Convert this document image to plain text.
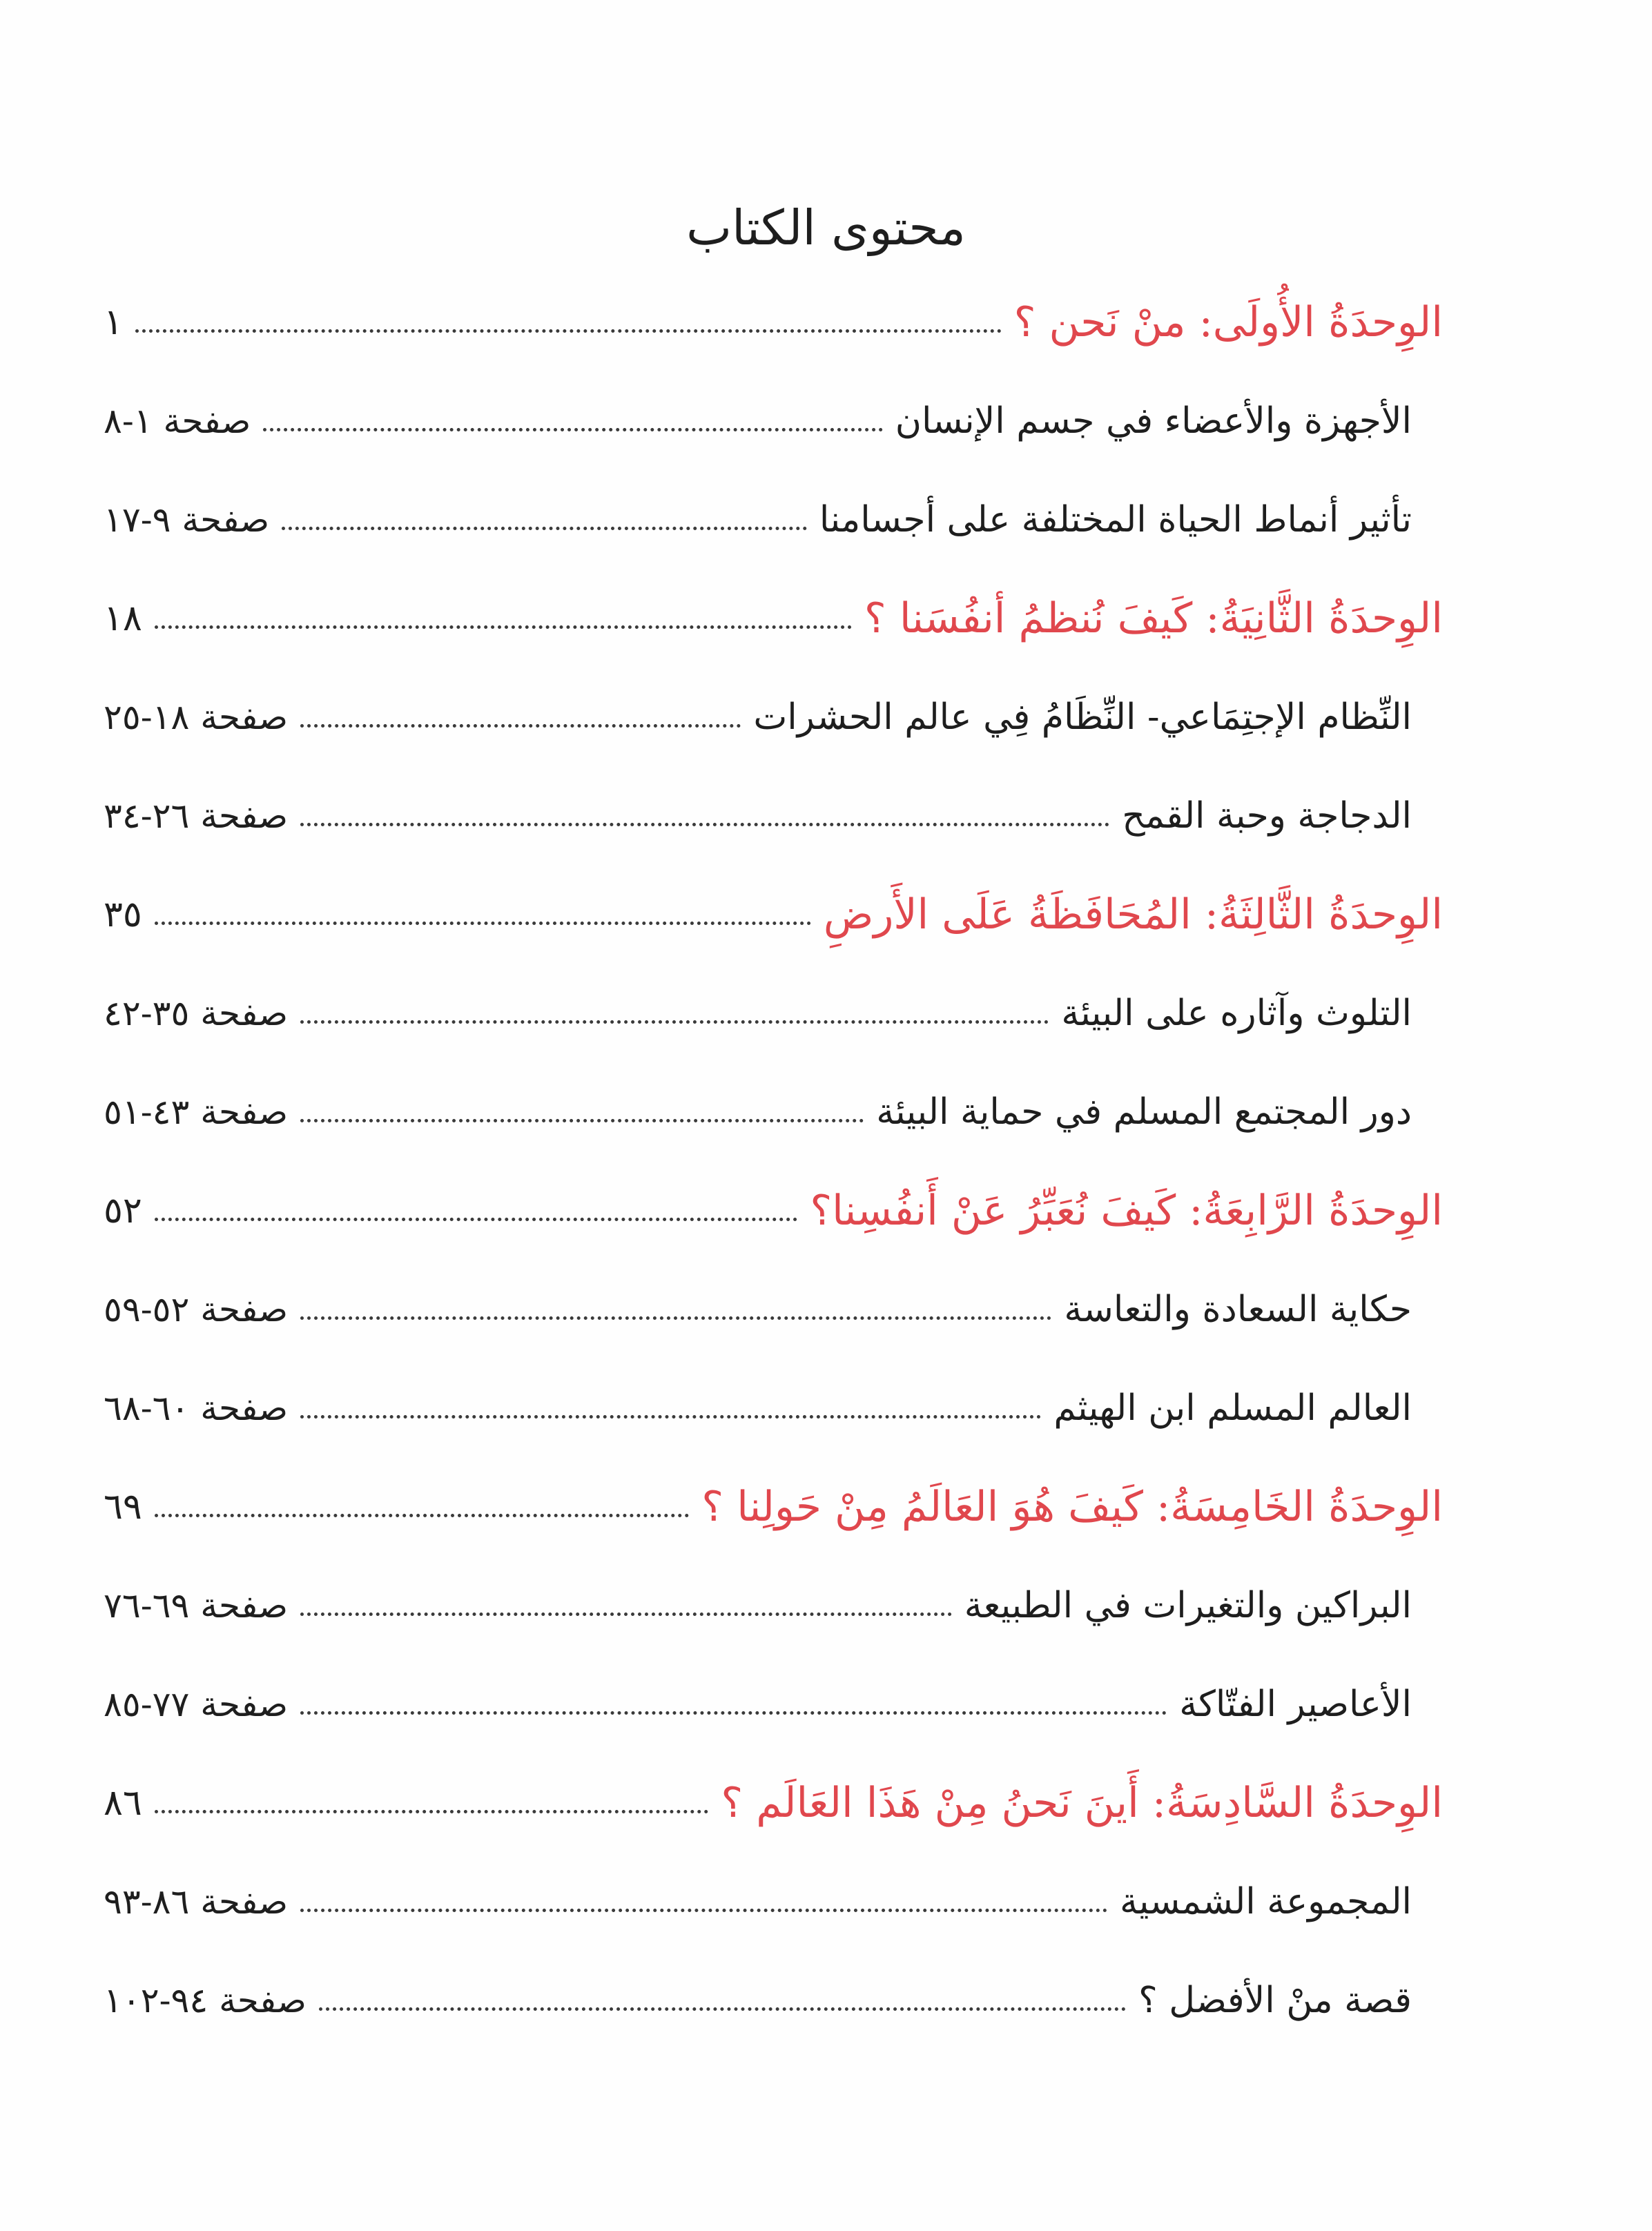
محتوى الكتاب
الوِحدَةُ الأُولَى: منْ نَحن ؟
١
الأجهزة والأعضاء في جسم الإنسان
صفحة ١-٨
تأثير أنماط الحياة المختلفة على أجسامنا
صفحة ٩-١٧
الوِحدَةُ الثَّانِيَةُ: كَيفَ نُنظمُ أنفُسَنا ؟
١٨
النِّظام الإجتِمَاعي- النِّظَامُ فِي عالم الحشرات
صفحة ١٨-٢٥
الدجاجة وحبة القمح
صفحة ٢٦-٣٤
الوِحدَةُ الثَّالِثَةُ: المُحَافَظَةُ عَلَى الأَرضِ
٣٥
التلوث وآثاره على البيئة
صفحة ٣٥-٤٢
دور المجتمع المسلم في حماية البيئة
صفحة ٤٣-٥١
الوِحدَةُ الرَّابِعَةُ: كَيفَ نُعَبِّرُ عَنْ أَنفُسِنا؟
٥٢
حكاية السعادة والتعاسة
صفحة ٥٢-٥٩
العالم المسلم ابن الهيثم
صفحة ٦٠-٦٨
الوِحدَةُ الخَامِسَةُ: كَيفَ هُوَ العَالَمُ مِنْ حَولِنا ؟
٦٩
البراكين والتغيرات في الطبيعة
صفحة ٦٩-٧٦
الأعاصير الفتّاكة
صفحة ٧٧-٨٥
الوِحدَةُ السَّادِسَةُ: أَينَ نَحنُ مِنْ هَذَا العَالَم ؟
٨٦
المجموعة الشمسية
صفحة ٨٦-٩٣
قصة منْ الأفضل ؟
صفحة ٩٤-١٠٢
